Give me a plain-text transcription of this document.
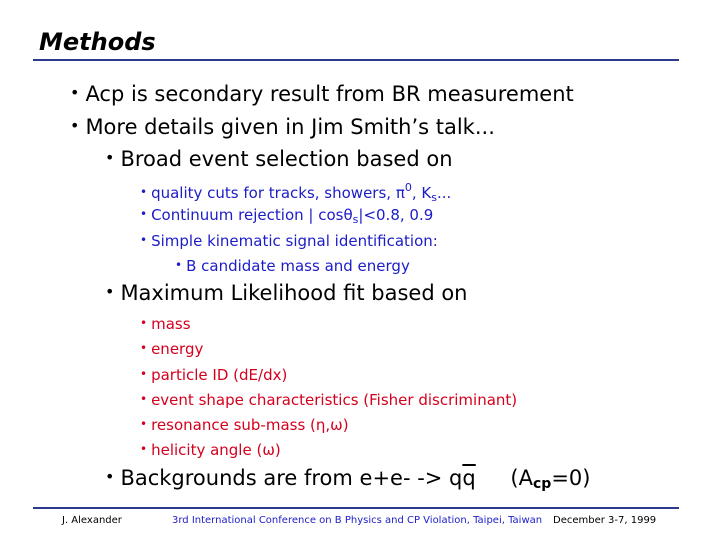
Methods
• Acp is secondary result from BR measurement
• More details given in Jim Smith’s talk...
• Broad event selection based on
• quality cuts for tracks, showers, $\pi^0$, $K_s$...
• Continuum rejection | cosθ$_s$|<0.8, 0.9
• Simple kinematic signal identification:
• B candidate mass and energy
• Maximum Likelihood fit based on
• mass
• energy
• particle ID (dE/dx)
• event shape characteristics (Fisher discriminant)
• resonance sub-mass (η,ω)
• helicity angle (ω)
• Backgrounds are from $e+e- -> q\overline{q}$ $(A_{cp}=0)$
J. Alexander	3rd International Conference on B Physics and CP Violation, Taipei, Taiwan December 3-7, 1999
